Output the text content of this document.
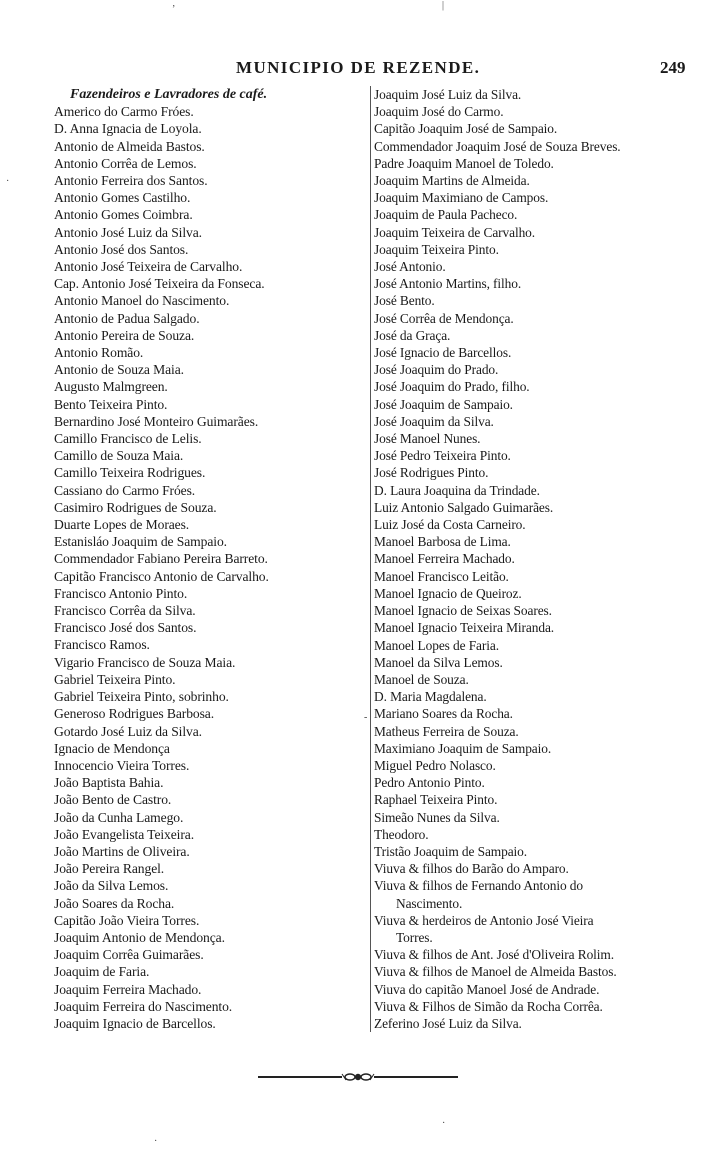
MUNICIPIO DE REZENDE.	249
Fazendeiros e Lavradores de café.
Americo do Carmo Fróes.
D. Anna Ignacia de Loyola.
Antonio de Almeida Bastos.
Antonio Corrêa de Lemos.
Antonio Ferreira dos Santos.
Antonio Gomes Castilho.
Antonio Gomes Coimbra.
Antonio José Luiz da Silva.
Antonio José dos Santos.
Antonio José Teixeira de Carvalho.
Cap. Antonio José Teixeira da Fonseca.
Antonio Manoel do Nascimento.
Antonio de Padua Salgado.
Antonio Pereira de Souza.
Antonio Romão.
Antonio de Souza Maia.
Augusto Malmgreen.
Bento Teixeira Pinto.
Bernardino José Monteiro Guimarães.
Camillo Francisco de Lelis.
Camillo de Souza Maia.
Camillo Teixeira Rodrigues.
Cassiano do Carmo Fróes.
Casimiro Rodrigues de Souza.
Duarte Lopes de Moraes.
Estanisláo Joaquim de Sampaio.
Commendador Fabiano Pereira Barreto.
Capitão Francisco Antonio de Carvalho.
Francisco Antonio Pinto.
Francisco Corrêa da Silva.
Francisco José dos Santos.
Francisco Ramos.
Vigario Francisco de Souza Maia.
Gabriel Teixeira Pinto.
Gabriel Teixeira Pinto, sobrinho.
Generoso Rodrigues Barbosa.
Gotardo José Luiz da Silva.
Ignacio de Mendonça
Innocencio Vieira Torres.
João Baptista Bahia.
João Bento de Castro.
João da Cunha Lamego.
João Evangelista Teixeira.
João Martins de Oliveira.
João Pereira Rangel.
João da Silva Lemos.
João Soares da Rocha.
Capitão João Vieira Torres.
Joaquim Antonio de Mendonça.
Joaquim Corrêa Guimarães.
Joaquim de Faria.
Joaquim Ferreira Machado.
Joaquim Ferreira do Nascimento.
Joaquim Ignacio de Barcellos.
Joaquim José Luiz da Silva.
Joaquim José do Carmo.
Capitão Joaquim José de Sampaio.
Commendador Joaquim José de Souza Breves.
Padre Joaquim Manoel de Toledo.
Joaquim Martins de Almeida.
Joaquim Maximiano de Campos.
Joaquim de Paula Pacheco.
Joaquim Teixeira de Carvalho.
Joaquim Teixeira Pinto.
José Antonio.
José Antonio Martins, filho.
José Bento.
José Corrêa de Mendonça.
José da Graça.
José Ignacio de Barcellos.
José Joaquim do Prado.
José Joaquim do Prado, filho.
José Joaquim de Sampaio.
José Joaquim da Silva.
José Manoel Nunes.
José Pedro Teixeira Pinto.
José Rodrigues Pinto.
D. Laura Joaquina da Trindade.
Luiz Antonio Salgado Guimarães.
Luiz José da Costa Carneiro.
Manoel Barbosa de Lima.
Manoel Ferreira Machado.
Manoel Francisco Leitão.
Manoel Ignacio de Queiroz.
Manoel Ignacio de Seixas Soares.
Manoel Ignacio Teixeira Miranda.
Manoel Lopes de Faria.
Manoel da Silva Lemos.
Manoel de Souza.
D. Maria Magdalena.
Mariano Soares da Rocha.
Matheus Ferreira de Souza.
Maximiano Joaquim de Sampaio.
Miguel Pedro Nolasco.
Pedro Antonio Pinto.
Raphael Teixeira Pinto.
Simeão Nunes da Silva.
Theodoro.
Tristão Joaquim de Sampaio.
Viuva & filhos do Barão do Amparo.
Viuva & filhos de Fernando Antonio do
Nascimento.
Viuva & herdeiros de Antonio José Vieira
Torres.
Viuva & filhos de Ant. José d'Oliveira Rolim.
Viuva & filhos de Manoel de Almeida Bastos.
Viuva do capitão Manoel José de Andrade.
Viuva & Filhos de Simão da Rocha Corrêa.
Zeferino José Luiz da Silva.
ʼ	|
·
-
·
·
